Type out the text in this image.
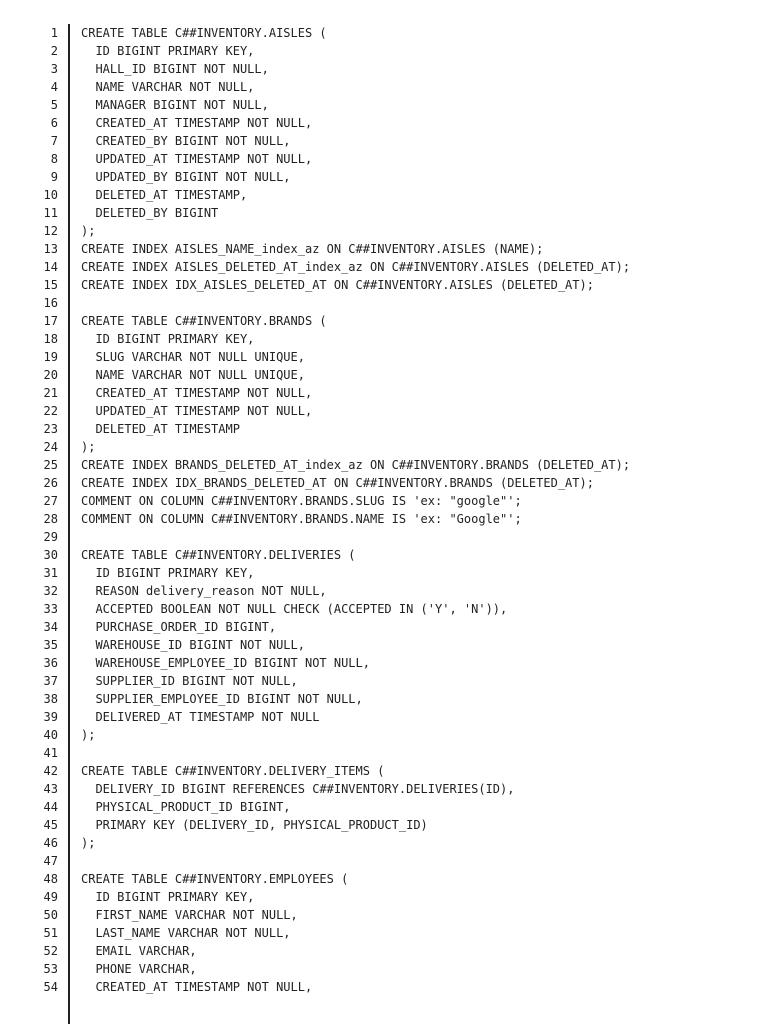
1	CREATE TABLE C##INVENTORY.AISLES (
2	ID BIGINT PRIMARY KEY,
3	HALL_ID BIGINT NOT NULL,
4	NAME VARCHAR NOT NULL,
5	MANAGER BIGINT NOT NULL,
6	CREATED_AT TIMESTAMP NOT NULL,
7	CREATED_BY BIGINT NOT NULL,
8	UPDATED_AT TIMESTAMP NOT NULL,
9	UPDATED_BY BIGINT NOT NULL,
10	DELETED_AT TIMESTAMP,
11	DELETED_BY BIGINT
12	);
13	CREATE INDEX AISLES_NAME_index_az ON C##INVENTORY.AISLES (NAME);
14	CREATE INDEX AISLES_DELETED_AT_index_az ON C##INVENTORY.AISLES (DELETED_AT);
15	CREATE INDEX IDX_AISLES_DELETED_AT ON C##INVENTORY.AISLES (DELETED_AT);
16
17	CREATE TABLE C##INVENTORY.BRANDS (
18	ID BIGINT PRIMARY KEY,
19	SLUG VARCHAR NOT NULL UNIQUE,
20	NAME VARCHAR NOT NULL UNIQUE,
21	CREATED_AT TIMESTAMP NOT NULL,
22	UPDATED_AT TIMESTAMP NOT NULL,
23	DELETED_AT TIMESTAMP
24	);
25	CREATE INDEX BRANDS_DELETED_AT_index_az ON C##INVENTORY.BRANDS (DELETED_AT);
26	CREATE INDEX IDX_BRANDS_DELETED_AT ON C##INVENTORY.BRANDS (DELETED_AT);
27	COMMENT ON COLUMN C##INVENTORY.BRANDS.SLUG IS 'ex: "google"';
28	COMMENT ON COLUMN C##INVENTORY.BRANDS.NAME IS 'ex: "Google"';
29
30	CREATE TABLE C##INVENTORY.DELIVERIES (
31	ID BIGINT PRIMARY KEY,
32	REASON delivery_reason NOT NULL,
33	ACCEPTED BOOLEAN NOT NULL CHECK (ACCEPTED IN ('Y', 'N')),
34	PURCHASE_ORDER_ID BIGINT,
35	WAREHOUSE_ID BIGINT NOT NULL,
36	WAREHOUSE_EMPLOYEE_ID BIGINT NOT NULL,
37	SUPPLIER_ID BIGINT NOT NULL,
38	SUPPLIER_EMPLOYEE_ID BIGINT NOT NULL,
39	DELIVERED_AT TIMESTAMP NOT NULL
40	);
41
42	CREATE TABLE C##INVENTORY.DELIVERY_ITEMS (
43	DELIVERY_ID BIGINT REFERENCES C##INVENTORY.DELIVERIES(ID),
44	PHYSICAL_PRODUCT_ID BIGINT,
45	PRIMARY KEY (DELIVERY_ID, PHYSICAL_PRODUCT_ID)
46	);
47
48	CREATE TABLE C##INVENTORY.EMPLOYEES (
49	ID BIGINT PRIMARY KEY,
50	FIRST_NAME VARCHAR NOT NULL,
51	LAST_NAME VARCHAR NOT NULL,
52	EMAIL VARCHAR,
53	PHONE VARCHAR,
54	CREATED_AT TIMESTAMP NOT NULL,
